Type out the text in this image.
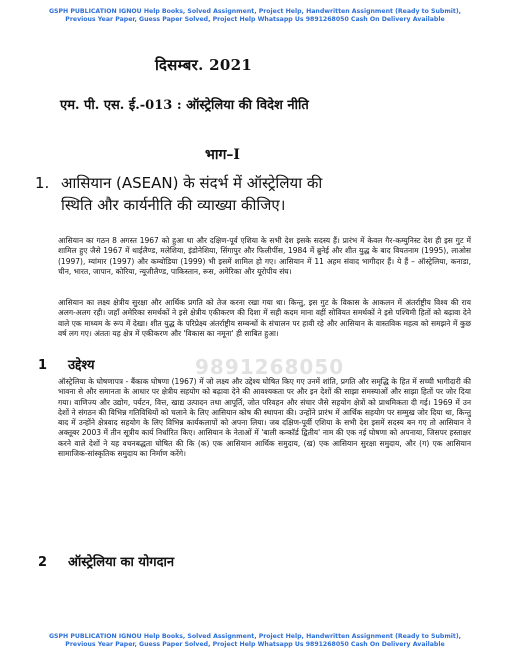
GSPH PUBLICATION IGNOU Help Books, Solved Assignment, Project Help, Handwritten Assignment (Ready to Submit),
Previous Year Paper, Guess Paper Solved, Project Help Whatsapp Us 9891268050 Cash On Delivery Available
दिसम्बर. 2021
एम. पी. एस. ई.-013 : ऑस्ट्रेलिया की विदेश नीति
भाग–I
1. आसियान (ASEAN) के संदर्भ में ऑस्ट्रेलिया की
स्थिति और कार्यनीति की व्याख्या कीजिए।

आसियान का गठन 8 अगस्त 1967 को हुआ था और दक्षिण-पूर्व एशिया के सभी देश इसके सदस्य हैं। प्रारंभ में केवल गैर-कम्युनिस्ट देश ही इस गुट में शामिल हुए जैसे 1967 में थाईलैण्ड, मलेशिया, इंडोनेशिया, सिंगापुर और फिलीपींस, 1984 में ब्रुनेई और शीत युद्ध के बाद वियतनाम (1995), लाओस (1997), म्यांमार (1997) और कम्बोडिया (1999) भी इसमें शामिल हो गए। आसियान में 11 अहम संवाद भागीदार हैं। ये हैं – ऑस्ट्रेलिया, कनाडा, चीन, भारत, जापान, कोरिया, न्यूजीलैण्ड, पाकिस्तान, रूस, अमेरिका और यूरोपीय संघ।

आसियान का लक्ष्य क्षेत्रीय सुरक्षा और आर्थिक प्रगति को तेज करना रखा गया था। किन्तु, इस गुट के विकास के आकलन में अंतर्राष्ट्रीय विश्व की राय अलग-अलग रही। जहाँ अमेरिका समर्थकों ने इसे क्षेत्रीय एकीकरण की दिशा में सही कदम माना वहीं सोवियत समर्थकों ने इसे पश्चिमी हितों को बढ़ावा देने वाले एक माध्यम के रूप में देखा। शीत युद्ध के परिप्रेक्ष्य अंतर्राष्ट्रीय सम्बन्धों के संचालन पर हावी रहे और आसियान के वास्तविक महत्व को समझने में कुछ वर्ष लग गए। अंततः यह क्षेत्र में एकीकरण और 'विकास का नमूना' ही साबित हुआ।

9891268050
1 उद्देश्य

ऑस्ट्रेलिया के घोषणापत्र - बैंकाक घोषणा (1967) में जो लक्ष्य और उद्देश्य घोषित किए गए उनमें शांति, प्रगति और समृद्धि के हित में सच्ची भागीदारी की भावना से और समानता के आधार पर क्षेत्रीय सहयोग को बढ़ावा देने की आवश्यकता पर और इन देशों की साझा समस्याओं और साझा हितों पर जोर दिया गया। वाणिज्य और उद्योग, पर्यटन, वित्त, खाद्य उत्पादन तथा आपूर्ति, जोत परिवहन और संचार जैसे सहयोग क्षेत्रों को प्राथमिकता दी गई। 1969 में उन देशों ने संगठन की विभिन्न गतिविधियों को चलाने के लिए आसियान कोष की स्थापना की। उन्होंने प्रारंभ में आर्थिक सहयोग पर सम्मुख जोर दिया था, किन्तु बाद में उन्होंने क्षेत्रवाद सहयोग के लिए विभिन्न कार्यकलापों को अपना लिया। जब दक्षिण-पूर्वी एशिया के सभी देश इसमें सदस्य बन गए तो आसियान ने अक्तूबर 2003 में तीन सूत्रीय कार्य निर्धारित किए। आसियान के नेताओं में 'बाली कन्कॉर्ड द्वितीय' नाम की एक नई घोषणा को अपनाया, जिसपर हस्ताक्षर करने वाले देशों ने यह वचनबद्धता घोषित की कि (क) एक आसियान आर्थिक समुदाय, (ख) एक आसियान सुरक्षा समुदाय, और (ग) एक आसियान सामाजिक-सांस्कृतिक समुदाय का निर्माण करेंगे।

2 ऑस्ट्रेलिया का योगदान
GSPH PUBLICATION IGNOU Help Books, Solved Assignment, Project Help, Handwritten Assignment (Ready to Submit),
Previous Year Paper, Guess Paper Solved, Project Help Whatsapp Us 9891268050 Cash On Delivery Available
